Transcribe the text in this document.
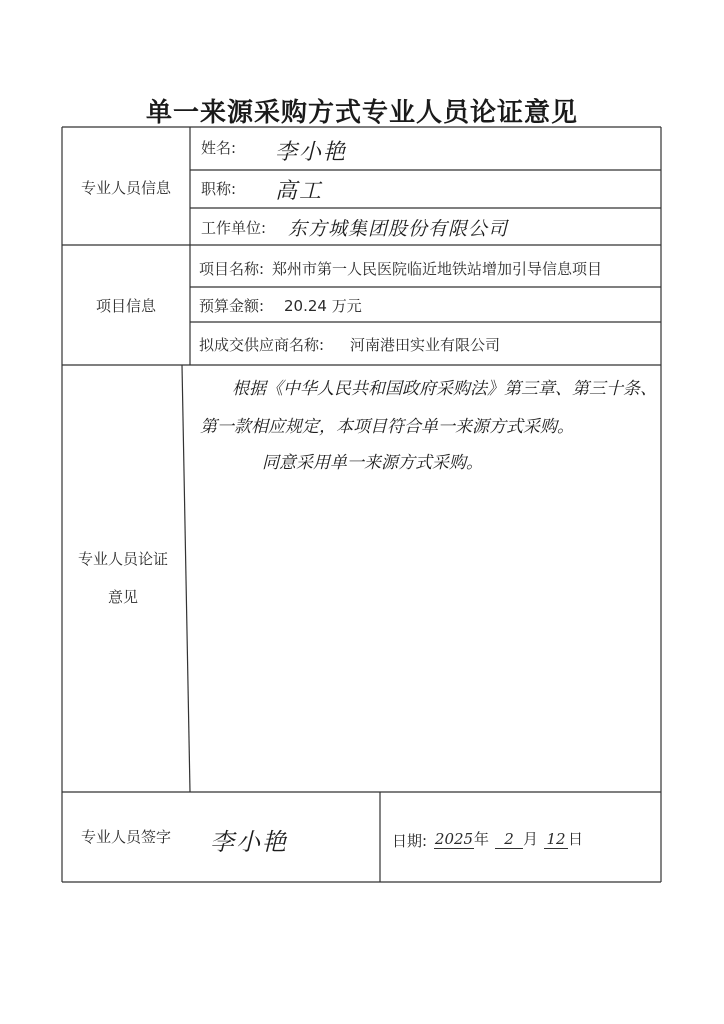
单一来源采购方式专业人员论证意见
专业人员信息
姓名: 李小艳
职称: 高工
工作单位: 东方城集团股份有限公司
项目信息
项目名称: 郑州市第一人民医院临近地铁站增加引导信息项目
预算金额: 20.24 万元
拟成交供应商名称: 河南港田实业有限公司
专业人员论证
意见
根据《中华人民共和国政府采购法》第三章、第三十条、
第一款相应规定，本项目符合单一来源方式采购。
同意采用单一来源方式采购。
专业人员签字	李小艳	日期: 2025年 2 月 12 日
